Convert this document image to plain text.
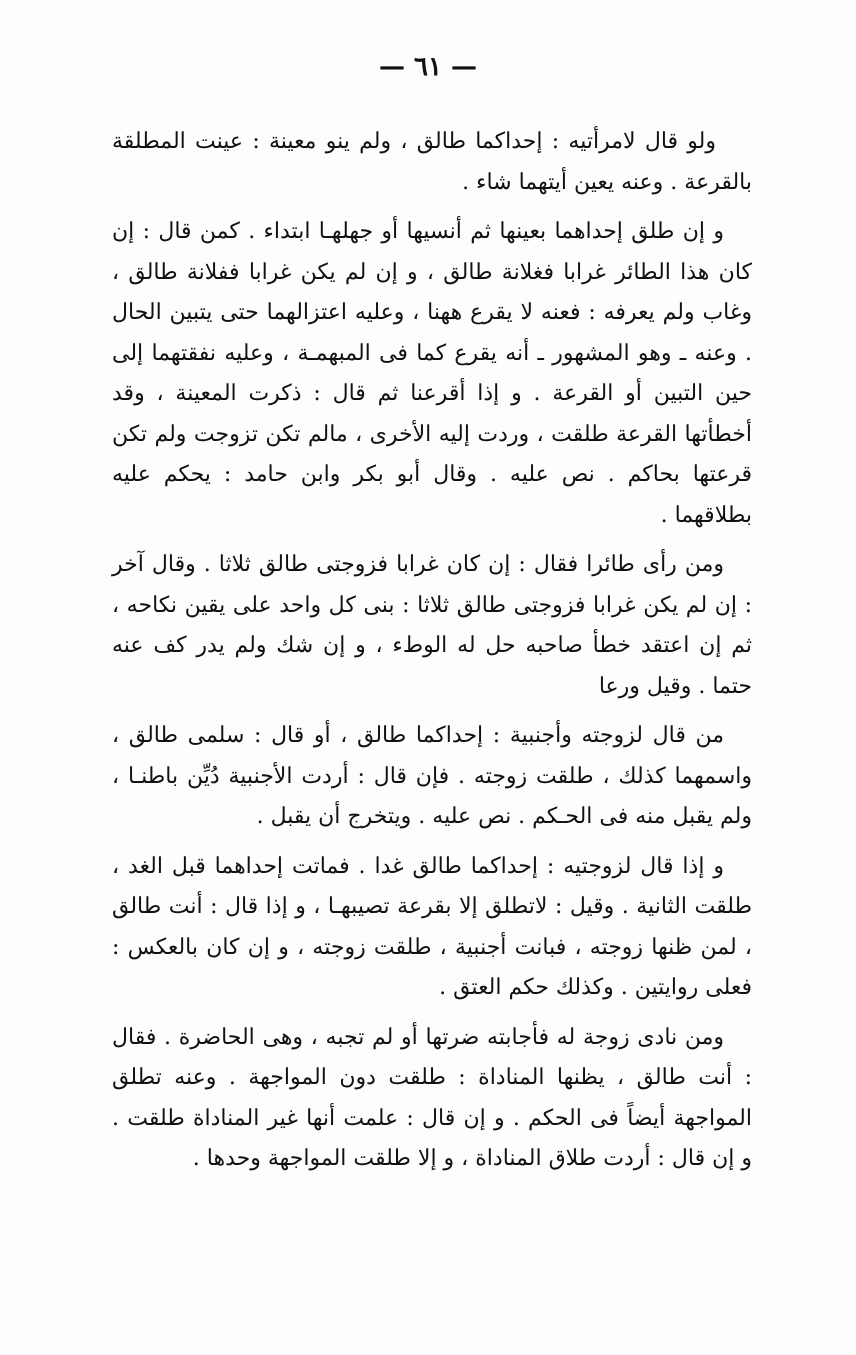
— ٦١ —

ولو قال لامرأتيه : إحداكما طالق ، ولم ينو معينة : عينت المطلقة بالقرعة . وعنه يعين أيتهما شاء .

و إن طلق إحداهما بعينها ثم أنسيها أو جهلهـا ابتداء . كمن قال : إن كان هذا الطائر غرابا فغلانة طالق ، و إن لم يكن غرابا ففلانة طالق ، وغاب ولم يعرفه : فعنه لا يقرع ههنا ، وعليه اعتزالهما حتى يتبين الحال . وعنه ـ وهو المشهور ـ أنه يقرع كما فى المبهمـة ، وعليه نفقتهما إلى حين التبين أو القرعة . و إذا أقرعنا ثم قال : ذكرت المعينة ، وقد أخطأتها القرعة طلقت ، وردت إليه الأخرى ، مالم تكن تزوجت ولم تكن قرعتها بحاكم . نص عليه . وقال أبو بكر وابن حامد : يحكم عليه بطلاقهما .

ومن رأى طائرا فقال : إن كان غرابا فزوجتى طالق ثلاثا . وقال آخر : إن لم يكن غرابا فزوجتى طالق ثلاثا : بنى كل واحد على يقين نكاحه ، ثم إن اعتقد خطأ صاحبه حل له الوطء ، و إن شك ولم يدر كف عنه حتما . وقيل ورعا

من قال لزوجته وأجنبية : إحداكما طالق ، أو قال : سلمى طالق ، واسمهما كذلك ، طلقت زوجته . فإن قال : أردت الأجنبية دُيِّن باطنـا ، ولم يقبل منه فى الحـكم . نص عليه . ويتخرج أن يقبل .

و إذا قال لزوجتيه : إحداكما طالق غدا . فماتت إحداهما قبل الغد ، طلقت الثانية . وقيل : لاتطلق إلا بقرعة تصيبهـا ، و إذا قال : أنت طالق ، لمن ظنها زوجته ، فبانت أجنبية ، طلقت زوجته ، و إن كان بالعكس : فعلى روايتين . وكذلك حكم العتق .

ومن نادى زوجة له فأجابته ضرتها أو لم تجبه ، وهى الحاضرة . فقال : أنت طالق ، يظنها المناداة : طلقت دون المواجهة . وعنه تطلق المواجهة أيضاً فى الحكم . و إن قال : علمت أنها غير المناداة طلقت . و إن قال : أردت طلاق المناداة ، و إلا طلقت المواجهة وحدها .
